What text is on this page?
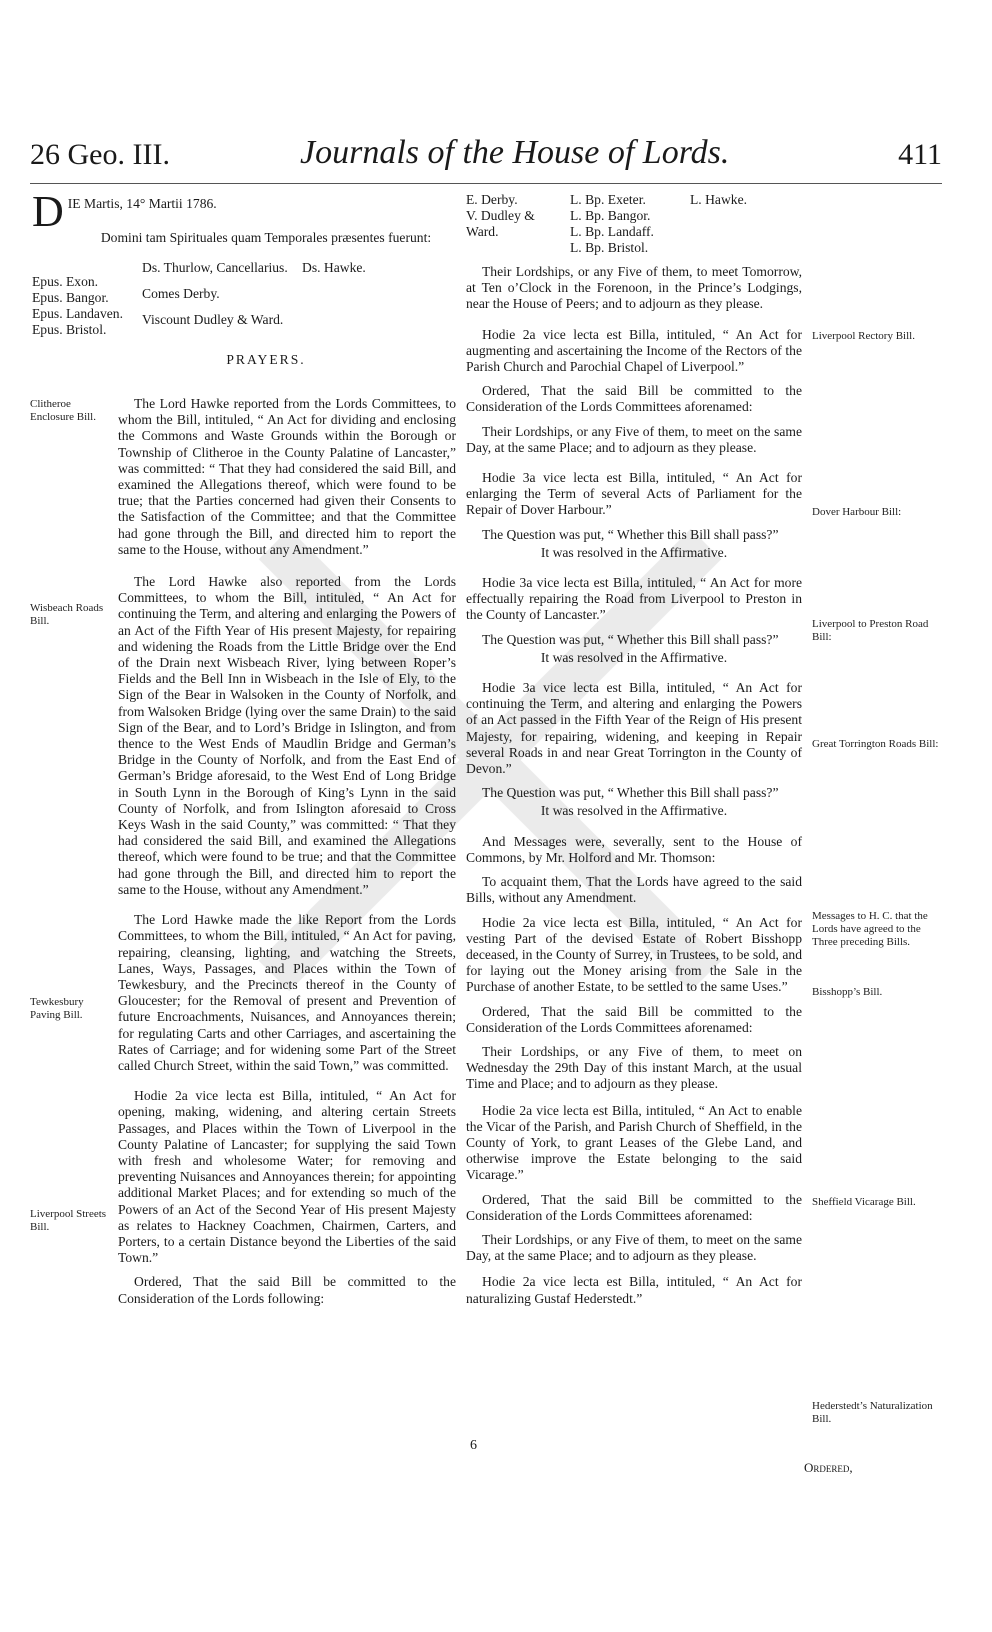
26 Geo. III.	Journals of the House of Lords.	411
D IE Martis, 14° Martii 1786.
Domini tam Spirituales quam Temporales præsentes fuerunt:
Epus. Exon.
Epus. Bangor.
Epus. Landaven.
Epus. Bristol.
Ds. Thurlow, Cancellarius.
Comes Derby.
Viscount Dudley & Ward.
Ds. Hawke.
PRAYERS.
Clitheroe Enclosure Bill.
Wisbeach Roads Bill.
Tewkesbury Paving Bill.
Liverpool Streets Bill.

The Lord Hawke reported from the Lords Committees, to whom the Bill, intituled, “ An Act for dividing and enclosing the Commons and Waste Grounds within the Borough or Township of Clitheroe in the County Palatine of Lancaster,” was committed: “ That they had considered the said Bill, and examined the Allegations thereof, which were found to be true; that the Parties concerned had given their Consents to the Satisfaction of the Committee; and that the Committee had gone through the Bill, and directed him to report the same to the House, without any Amendment.”

The Lord Hawke also reported from the Lords Committees, to whom the Bill, intituled, “ An Act for continuing the Term, and altering and enlarging the Powers of an Act of the Fifth Year of His present Majesty, for repairing and widening the Roads from the Little Bridge over the End of the Drain next Wisbeach River, lying between Roper’s Fields and the Bell Inn in Wisbeach in the Isle of Ely, to the Sign of the Bear in Walsoken in the County of Norfolk, and from Walsoken Bridge (lying over the same Drain) to the said Sign of the Bear, and to Lord’s Bridge in Islington, and from thence to the West Ends of Maudlin Bridge and German’s Bridge in the County of Norfolk, and from the East End of German’s Bridge aforesaid, to the West End of Long Bridge in South Lynn in the Borough of King’s Lynn in the said County of Norfolk, and from Islington aforesaid to Cross Keys Wash in the said County,” was committed: “ That they had considered the said Bill, and examined the Allegations thereof, which were found to be true; and that the Committee had gone through the Bill, and directed him to report the same to the House, without any Amendment.”

The Lord Hawke made the like Report from the Lords Committees, to whom the Bill, intituled, “ An Act for paving, repairing, cleansing, lighting, and watching the Streets, Lanes, Ways, Passages, and Places within the Town of Tewkesbury, and the Precincts thereof in the County of Gloucester; for the Removal of present and Prevention of future Encroachments, Nuisances, and Annoyances therein; for regulating Carts and other Carriages, and ascertaining the Rates of Carriage; and for widening some Part of the Street called Church Street, within the said Town,” was committed.

Hodie 2a vice lecta est Billa, intituled, “ An Act for opening, making, widening, and altering certain Streets Passages, and Places within the Town of Liverpool in the County Palatine of Lancaster; for supplying the said Town with fresh and wholesome Water; for removing and preventing Nuisances and Annoyances therein; for appointing additional Market Places; and for extending so much of the Powers of an Act of the Second Year of His present Majesty as relates to Hackney Coachmen, Chairmen, Carters, and Porters, to a certain Distance beyond the Liberties of the said Town.”

Ordered, That the said Bill be committed to the Consideration of the Lords following:

E. Derby.
V. Dudley & Ward.
L. Bp. Exeter.
L. Bp. Bangor.
L. Bp. Landaff.
L. Bp. Bristol.
L. Hawke.

Their Lordships, or any Five of them, to meet Tomorrow, at Ten o’Clock in the Forenoon, in the Prince’s Lodgings, near the House of Peers; and to adjourn as they please.

Hodie 2a vice lecta est Billa, intituled, “ An Act for augmenting and ascertaining the Income of the Rectors of the Parish Church and Parochial Chapel of Liverpool.”

Ordered, That the said Bill be committed to the Consideration of the Lords Committees aforenamed:

Their Lordships, or any Five of them, to meet on the same Day, at the same Place; and to adjourn as they please.

Hodie 3a vice lecta est Billa, intituled, “ An Act for enlarging the Term of several Acts of Parliament for the Repair of Dover Harbour.”

The Question was put, “ Whether this Bill shall pass?”

It was resolved in the Affirmative.

Hodie 3a vice lecta est Billa, intituled, “ An Act for more effectually repairing the Road from Liverpool to Preston in the County of Lancaster.”

The Question was put, “ Whether this Bill shall pass?”

It was resolved in the Affirmative.

Hodie 3a vice lecta est Billa, intituled, “ An Act for continuing the Term, and altering and enlarging the Powers of an Act passed in the Fifth Year of the Reign of His present Majesty, for repairing, widening, and keeping in Repair several Roads in and near Great Torrington in the County of Devon.”

The Question was put, “ Whether this Bill shall pass?”

It was resolved in the Affirmative.

And Messages were, severally, sent to the House of Commons, by Mr. Holford and Mr. Thomson:

To acquaint them, That the Lords have agreed to the said Bills, without any Amendment.

Hodie 2a vice lecta est Billa, intituled, “ An Act for vesting Part of the devised Estate of Robert Bisshopp deceased, in the County of Surrey, in Trustees, to be sold, and for laying out the Money arising from the Sale in the Purchase of another Estate, to be settled to the same Uses.”

Ordered, That the said Bill be committed to the Consideration of the Lords Committees aforenamed:

Their Lordships, or any Five of them, to meet on Wednesday the 29th Day of this instant March, at the usual Time and Place; and to adjourn as they please.

Hodie 2a vice lecta est Billa, intituled, “ An Act to enable the Vicar of the Parish, and Parish Church of Sheffield, in the County of York, to grant Leases of the Glebe Land, and otherwise improve the Estate belonging to the said Vicarage.”

Ordered, That the said Bill be committed to the Consideration of the Lords Committees aforenamed:

Their Lordships, or any Five of them, to meet on the same Day, at the same Place; and to adjourn as they please.

Hodie 2a vice lecta est Billa, intituled, “ An Act for naturalizing Gustaf Hederstedt.”

Liverpool Rectory Bill.
Dover Harbour Bill:
Liverpool to Preston Road Bill:
Great Torrington Roads Bill:
Messages to H. C. that the Lords have agreed to the Three preceding Bills.
Bisshopp’s Bill.
Sheffield Vicarage Bill.
Hederstedt’s Naturalization Bill.
6
Ordered,
